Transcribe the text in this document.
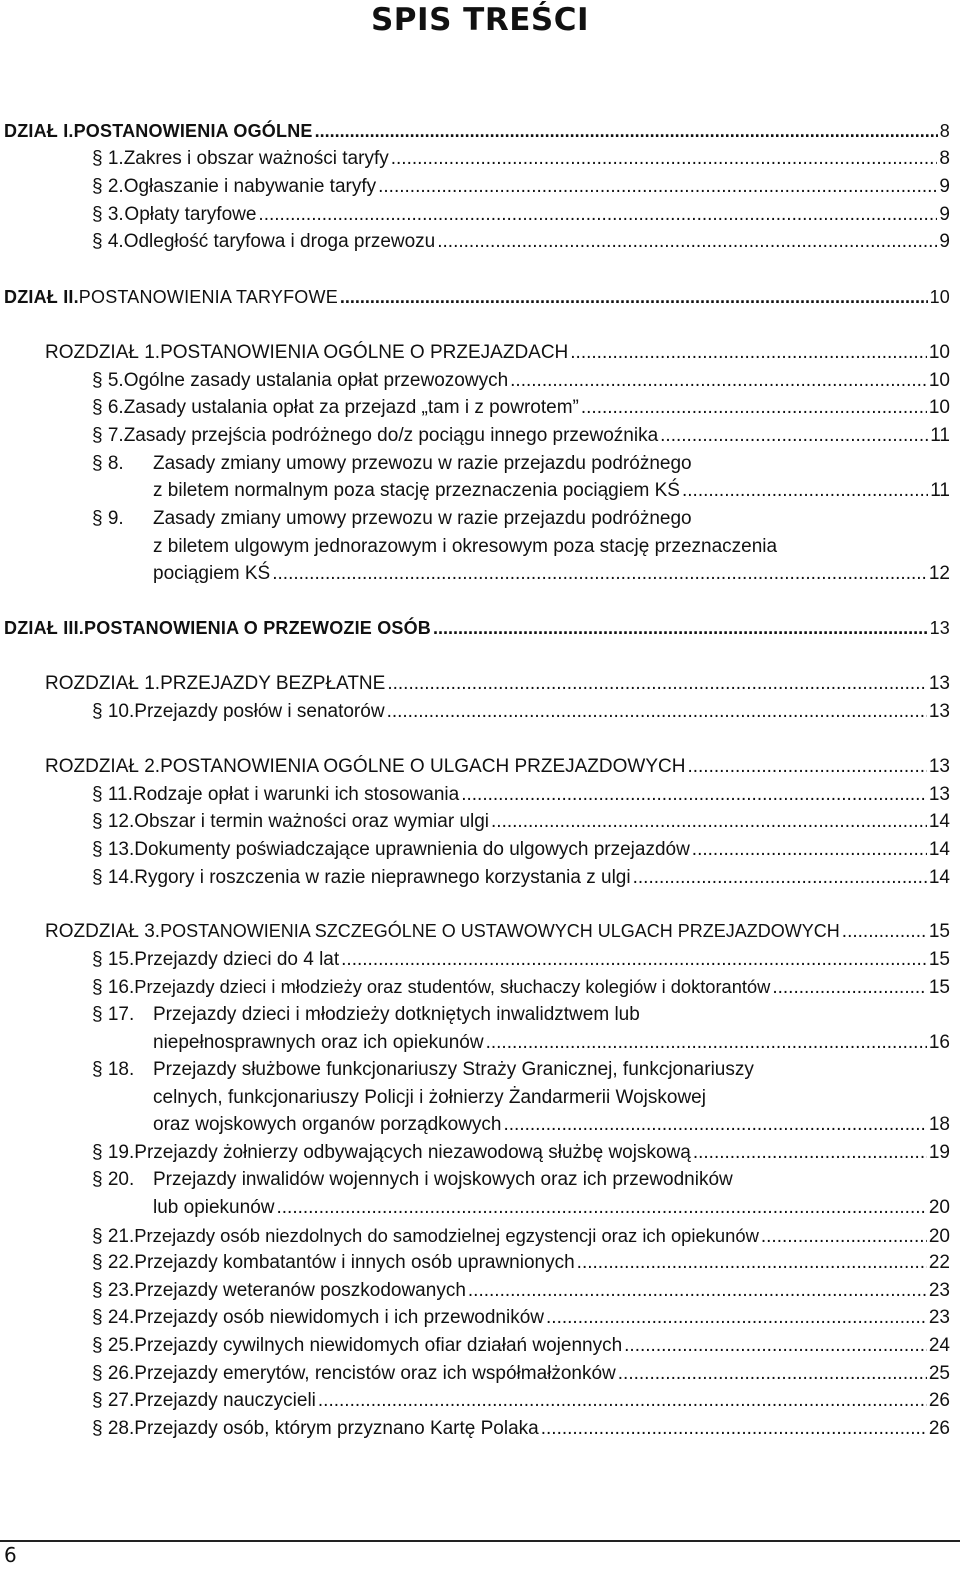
SPIS TREŚCI
DZIAŁ I. POSTANOWIENIA OGÓLNE .....	8
§ 1. Zakres i obszar ważności taryfy .....	8
§ 2. Ogłaszanie i nabywanie taryfy .....	9
§ 3. Opłaty taryfowe .....	9
§ 4. Odległość taryfowa i droga przewozu .....	9
DZIAŁ II. POSTANOWIENIA TARYFOWE .....	10
ROZDZIAŁ 1. POSTANOWIENIA OGÓLNE O PRZEJAZDACH .....	10
§ 5. Ogólne zasady ustalania opłat przewozowych .....	10
§ 6. Zasady ustalania opłat za przejazd „tam i z powrotem” .....	10
§ 7. Zasady przejścia podróżnego do/z pociągu innego przewoźnika .....	11
§ 8. Zasady zmiany umowy przewozu w razie przejazdu podróżnego
z biletem normalnym poza stację przeznaczenia pociągiem KŚ .....	11
§ 9. Zasady zmiany umowy przewozu w razie przejazdu podróżnego
z biletem ulgowym jednorazowym i okresowym poza stację przeznaczenia
pociągiem KŚ .....	12
DZIAŁ III. POSTANOWIENIA O PRZEWOZIE OSÓB .....	13
ROZDZIAŁ 1. PRZEJAZDY BEZPŁATNE .....	13
§ 10. Przejazdy posłów i senatorów .....	13
ROZDZIAŁ 2. POSTANOWIENIA OGÓLNE O ULGACH PRZEJAZDOWYCH .....	13
§ 11. Rodzaje opłat i warunki ich stosowania .....	13
§ 12. Obszar i termin ważności oraz wymiar ulgi .....	14
§ 13. Dokumenty poświadczające uprawnienia do ulgowych przejazdów .....	14
§ 14. Rygory i roszczenia w razie nieprawnego korzystania z ulgi .....	14
ROZDZIAŁ 3. POSTANOWIENIA SZCZEGÓLNE O USTAWOWYCH ULGACH PRZEJAZDOWYCH .....	15
§ 15. Przejazdy dzieci do 4 lat .....	15
§ 16. Przejazdy dzieci i młodzieży oraz studentów, słuchaczy kolegiów i doktorantów .....	15
§ 17. Przejazdy dzieci i młodzieży dotkniętych inwalidztwem lub
niepełnosprawnych oraz ich opiekunów .....	16
§ 18. Przejazdy służbowe funkcjonariuszy Straży Granicznej, funkcjonariuszy
celnych, funkcjonariuszy Policji i żołnierzy Żandarmerii Wojskowej
oraz wojskowych organów porządkowych .....	18
§ 19. Przejazdy żołnierzy odbywających niezawodową służbę wojskową .....	19
§ 20. Przejazdy inwalidów wojennych i wojskowych oraz ich przewodników
lub opiekunów .....	20
§ 21. Przejazdy osób niezdolnych do samodzielnej egzystencji oraz ich opiekunów .....	20
§ 22. Przejazdy kombatantów i innych osób uprawnionych .....	22
§ 23. Przejazdy weteranów poszkodowanych .....	23
§ 24. Przejazdy osób niewidomych i ich przewodników .....	23
§ 25. Przejazdy cywilnych niewidomych ofiar działań wojennych .....	24
§ 26. Przejazdy emerytów, rencistów oraz ich współmałżonków .....	25
§ 27. Przejazdy nauczycieli .....	26
§ 28. Przejazdy osób, którym przyznano Kartę Polaka .....	26
6
